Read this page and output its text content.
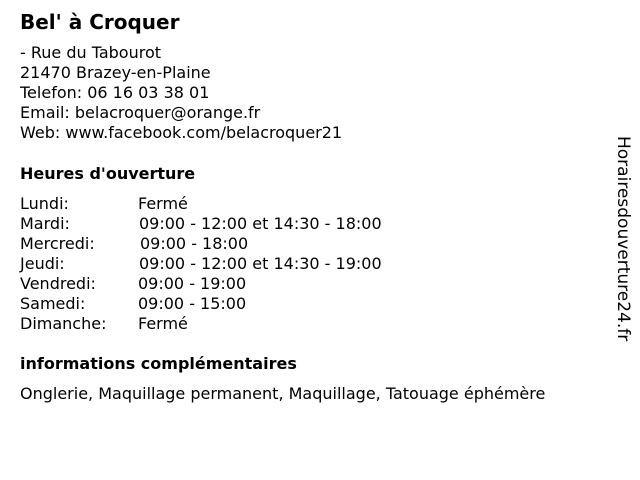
Bel' à Croquer
- Rue du Tabourot
21470 Brazey-en-Plaine
Telefon: 06 16 03 38 01
Email: belacroquer@orange.fr
Web: www.facebook.com/belacroquer21
Heures d'ouverture
Lundi:	Fermé
Mardi:	09:00 - 12:00 et 14:30 - 18:00
Mercredi:	09:00 - 18:00
Jeudi:	09:00 - 12:00 et 14:30 - 19:00
Vendredi:	09:00 - 19:00
Samedi:	09:00 - 15:00
Dimanche: Fermé
informations complémentaires
Onglerie, Maquillage permanent, Maquillage, Tatouage éphémère
Horairesdouverture24.fr
